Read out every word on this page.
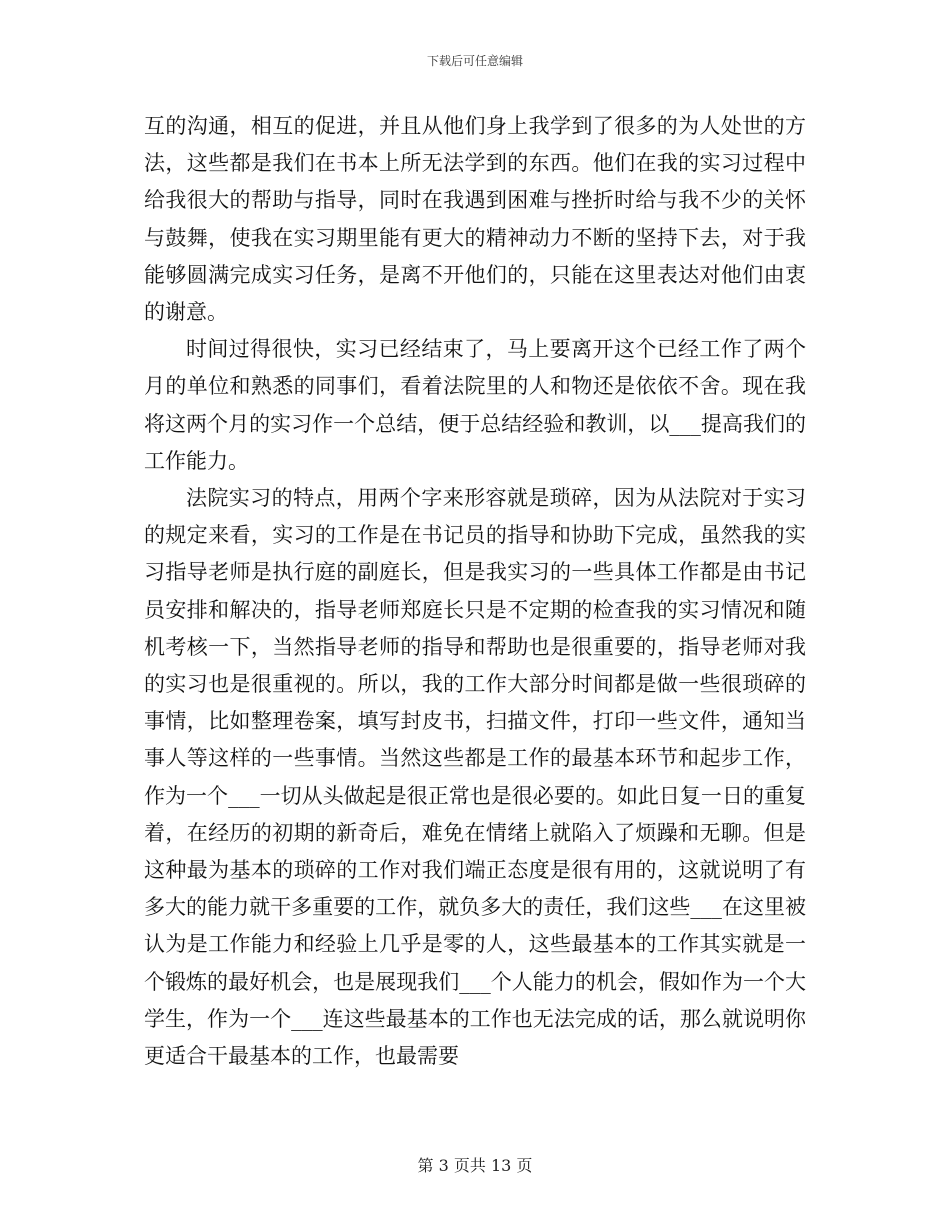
下载后可任意编辑

互的沟通，相互的促进，并且从他们身上我学到了很多的为人处世的方法，这些都是我们在书本上所无法学到的东西。他们在我的实习过程中给我很大的帮助与指导，同时在我遇到困难与挫折时给与我不少的关怀与鼓舞，使我在实习期里能有更大的精神动力不断的坚持下去，对于我能够圆满完成实习任务，是离不开他们的，只能在这里表达对他们由衷的谢意。

时间过得很快，实习已经结束了，马上要离开这个已经工作了两个月的单位和熟悉的同事们，看着法院里的人和物还是依依不舍。现在我将这两个月的实习作一个总结，便于总结经验和教训，以___提高我们的工作能力。

法院实习的特点，用两个字来形容就是琐碎，因为从法院对于实习的规定来看，实习的工作是在书记员的指导和协助下完成，虽然我的实习指导老师是执行庭的副庭长，但是我实习的一些具体工作都是由书记员安排和解决的，指导老师郑庭长只是不定期的检查我的实习情况和随机考核一下，当然指导老师的指导和帮助也是很重要的，指导老师对我的实习也是很重视的。所以，我的工作大部分时间都是做一些很琐碎的事情，比如整理卷案，填写封皮书，扫描文件，打印一些文件，通知当事人等这样的一些事情。当然这些都是工作的最基本环节和起步工作，作为一个___一切从头做起是很正常也是很必要的。如此日复一日的重复着，在经历的初期的新奇后，难免在情绪上就陷入了烦躁和无聊。但是这种最为基本的琐碎的工作对我们端正态度是很有用的，这就说明了有多大的能力就干多重要的工作，就负多大的责任，我们这些___在这里被认为是工作能力和经验上几乎是零的人，这些最基本的工作其实就是一个锻炼的最好机会，也是展现我们___个人能力的机会，假如作为一个大学生，作为一个___连这些最基本的工作也无法完成的话，那么就说明你更适合干最基本的工作，也最需要

第 3 页共 13 页
